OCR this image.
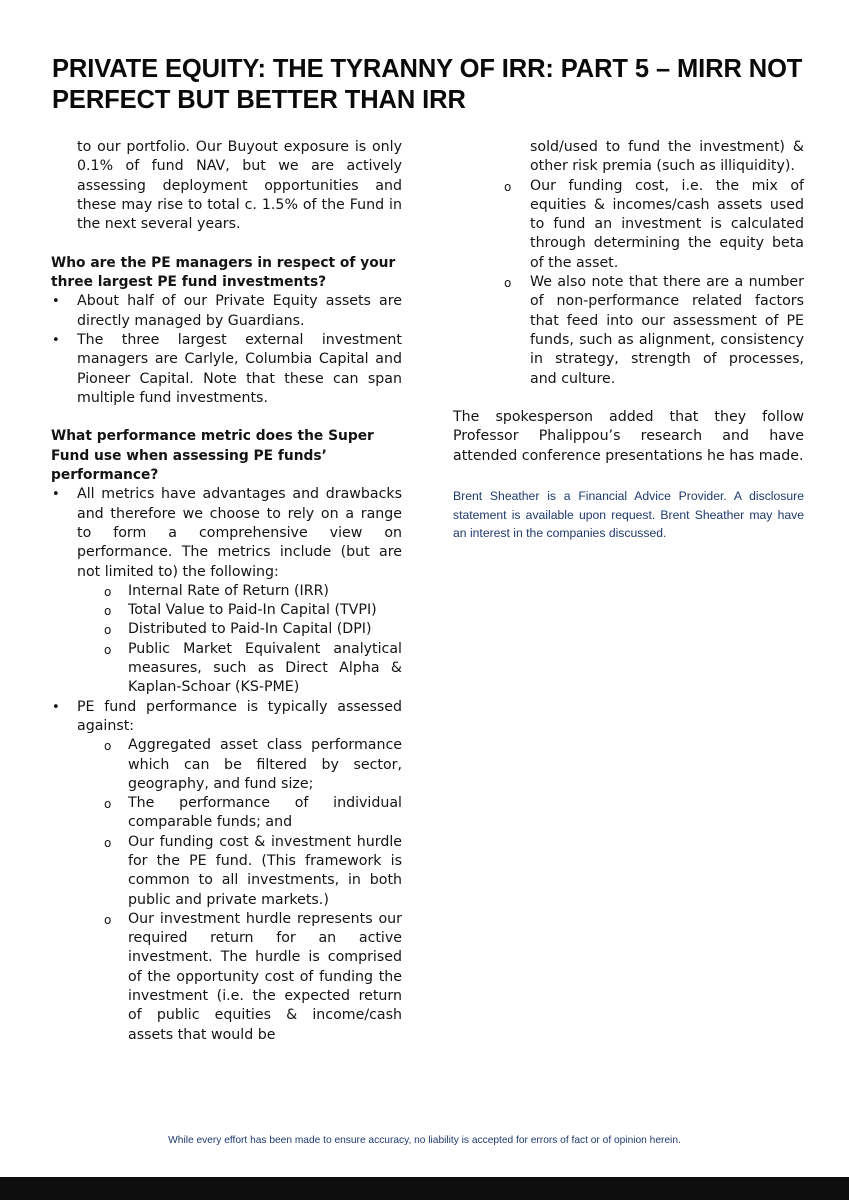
PRIVATE EQUITY: THE TYRANNY OF IRR: PART 5 – MIRR NOT
PERFECT BUT BETTER THAN IRR

to our portfolio. Our Buyout exposure is only 0.1% of fund NAV, but we are actively assessing deployment opportunities and these may rise to total c. 1.5% of the Fund in the next several years.

Who are the PE managers in respect of your three largest PE fund investments?

• About half of our Private Equity assets are directly managed by Guardians.
• The three largest external investment managers are Carlyle, Columbia Capital and Pioneer Capital. Note that these can span multiple fund investments.

What performance metric does the Super Fund use when assessing PE funds’ performance?

• All metrics have advantages and drawbacks and therefore we choose to rely on a range to form a comprehensive view on performance. The metrics include (but are not limited to) the following:
o Internal Rate of Return (IRR)
o Total Value to Paid-In Capital (TVPI)
o Distributed to Paid-In Capital (DPI)
o Public Market Equivalent analytical measures, such as Direct Alpha & Kaplan-Schoar (KS-PME)
• PE fund performance is typically assessed against:
o Aggregated asset class performance which can be filtered by sector, geography, and fund size;
o The performance of individual comparable funds; and
o Our funding cost & investment hurdle for the PE fund. (This framework is common to all investments, in both public and private markets.)
o Our investment hurdle represents our required return for an active investment. The hurdle is comprised of the opportunity cost of funding the investment (i.e. the expected return of public equities & income/cash assets that would be

sold/used to fund the investment) & other risk premia (such as illiquidity).

o Our funding cost, i.e. the mix of equities & incomes/cash assets used to fund an investment is calculated through determining the equity beta of the asset.
o We also note that there are a number of non-performance related factors that feed into our assessment of PE funds, such as alignment, consistency in strategy, strength of processes, and culture.

The spokesperson added that they follow Professor Phalippou’s research and have attended conference presentations he has made.

Brent Sheather is a Financial Advice Provider. A disclosure statement is available upon request. Brent Sheather may have an interest in the companies discussed.

While every effort has been made to ensure accuracy, no liability is accepted for errors of fact or of opinion herein.
